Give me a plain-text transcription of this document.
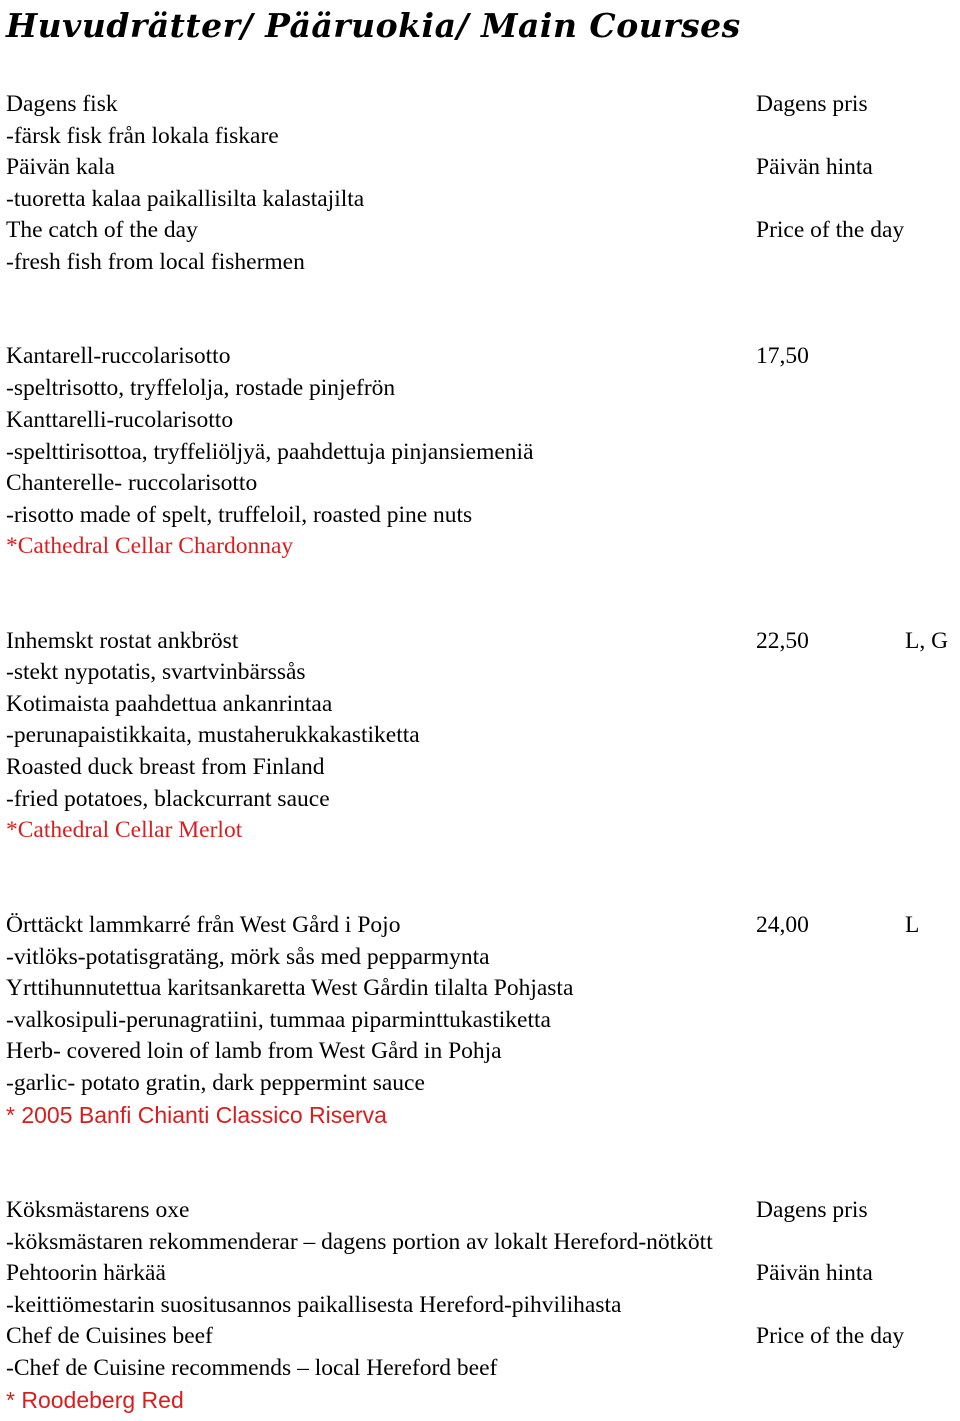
Huvudrätter/ Pääruokia/ Main Courses
Dagens fisk
-färsk fisk från lokala fiskare
Päivän kala
-tuoretta kalaa paikallisilta kalastajilta
The catch of the day
-fresh fish from local fishermen
Dagens pris
Päivän hinta
Price of the day
Kantarell-ruccolarisotto
-speltrisotto, tryffelolja, rostade pinjefrön
Kanttarelli-rucolarisotto
-spelttirisottoa, tryffeliöljyä, paahdettuja pinjansiemeniä
Chanterelle- ruccolarisotto
-risotto made of spelt, truffeloil, roasted pine nuts
*Cathedral Cellar Chardonnay
17,50
Inhemskt rostat ankbröst
-stekt nypotatis, svartvinbärssås
Kotimaista paahdettua ankanrintaa
-perunapaistikkaita, mustaherukkakastiketta
Roasted duck breast from Finland
-fried potatoes, blackcurrant sauce
*Cathedral Cellar Merlot
22,50	L, G
Örttäckt lammkarré från West Gård i Pojo
-vitlöks-potatisgratäng, mörk sås med pepparmynta
Yrttihunnutettua karitsankaretta West Gårdin tilalta Pohjasta
-valkosipuli-perunagratiini, tummaa piparminttukastiketta
Herb- covered loin of lamb from West Gård in Pohja
-garlic- potato gratin, dark peppermint sauce
* 2005 Banfi Chianti Classico Riserva
24,00	L
Köksmästarens oxe
-köksmästaren rekommenderar – dagens portion av lokalt Hereford-nötkött
Pehtoorin härkää
-keittiömestarin suositusannos paikallisesta Hereford-pihvilihasta
Chef de Cuisines beef
-Chef de Cuisine recommends – local Hereford beef
* Roodeberg Red
Dagens pris
Päivän hinta
Price of the day
